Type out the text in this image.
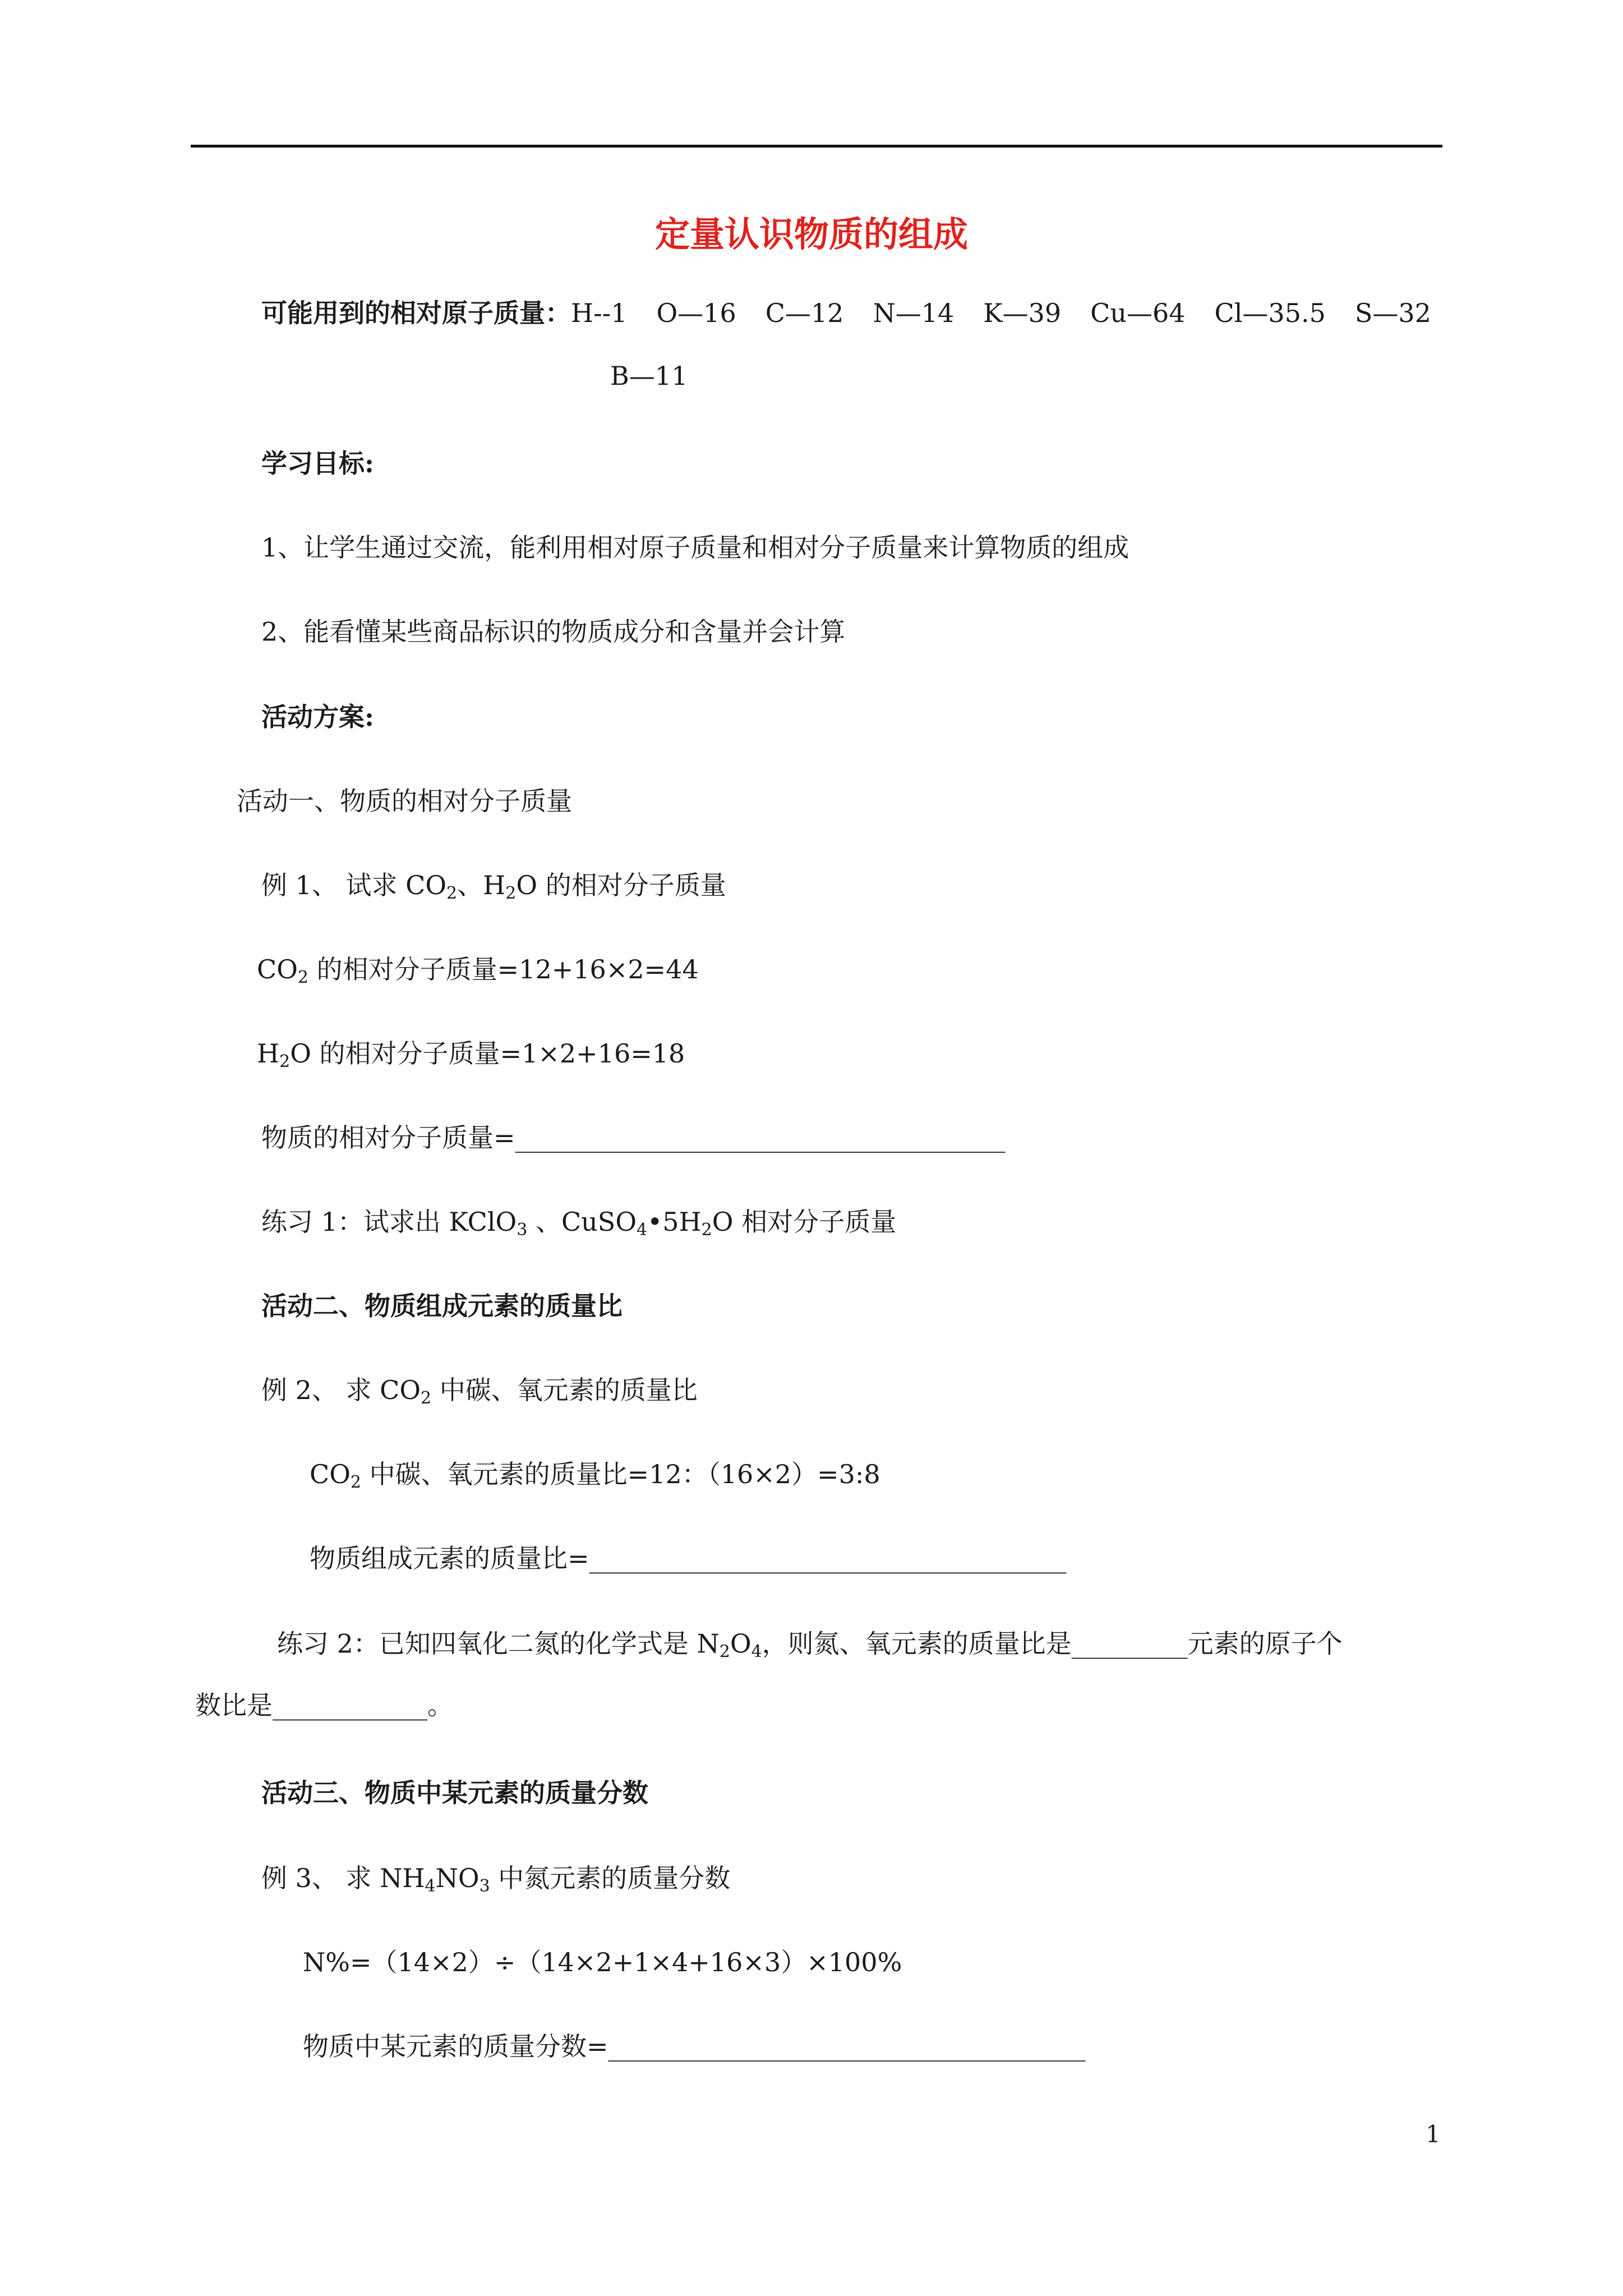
定量认识物质的组成
可能用到的相对原子质量：H--1 O—16 C—12 N—14 K—39 Cu—64 Cl—35.5 S—32
B—11
学习目标:
1、让学生通过交流，能利用相对原子质量和相对分子质量来计算物质的组成
2、能看懂某些商品标识的物质成分和含量并会计算
活动方案:
活动一、物质的相对分子质量
例 1、 试求 $CO_2$、$H_2O$ 的相对分子质量
$CO_2$ 的相对分子质量=12+16×2=44
$H_2O$ 的相对分子质量=1×2+16=18
物质的相对分子质量=______________________________________
练习 1：试求出 KClO$_3$ 、$CuSO_4•5H_2O$ 相对分子质量
活动二、物质组成元素的质量比
例 2、 求 $CO_2$ 中碳、氧元素的质量比
$CO_2$ 中碳、氧元素的质量比=12：（16×2）=3:8
物质组成元素的质量比=_____________________________________
练习 2：已知四氧化二氮的化学式是 $N_2O_4$，则氮、氧元素的质量比是_________元素的原子个
数比是____________。
活动三、物质中某元素的质量分数
例 3、 求 $NH_4NO_3$ 中氮元素的质量分数
N%=（14×2）÷（14×2+1×4+16×3）×100%
物质中某元素的质量分数=_____________________________________
1
